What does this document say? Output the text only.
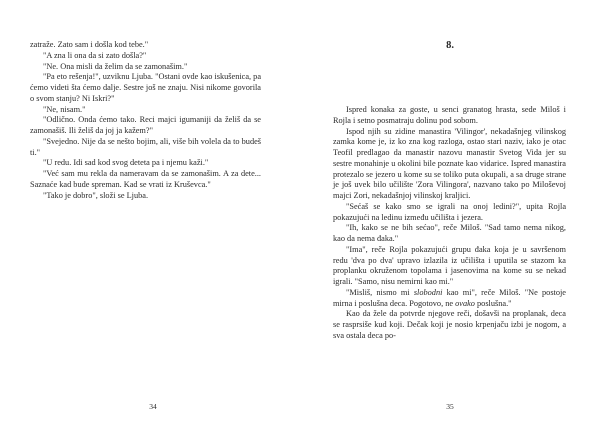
zatraže. Zato sam i došla kod tebe."

"A zna li ona da si zato došla?"

"Ne. Ona misli da želim da se zamonašim."

"Pa eto rešenja!", uzviknu Ljuba. "Ostani ovde kao iskušenica, pa ćemo videti šta ćemo dalje. Sestre još ne znaju. Nisi nikome govorila o svom stanju? Ni Iskri?"

"Ne, nisam."

"Odlično. Onda ćemo tako. Reci majci igumaniji da želiš da se zamonašiš. Ili želiš da joj ja kažem?"

"Svejedno. Nije da se nešto bojim, ali, više bih volela da to budeš ti."

"U redu. Idi sad kod svog deteta pa i njemu kaži."

"Već sam mu rekla da nameravam da se zamonašim. A za dete... Saznaće kad bude spreman. Kad se vrati iz Kruševca."

"Tako je dobro", složi se Ljuba.

34
8.

Ispred konaka za goste, u senci granatog hrasta, sede Miloš i Rojla i setno posmatraju dolinu pod sobom.

Ispod njih su zidine manastira 'Vilingor', nekadašnjeg vilinskog zamka kome je, iz ko zna kog razloga, ostao stari naziv, iako je otac Teofil predlagao da manastir nazovu manastir Svetog Vida jer su sestre monahinje u okolini bile poznate kao vidarice. Ispred manastira protezalo se jezero u kome su se toliko puta okupali, a sa druge strane je još uvek bilo učilište 'Zora Vilingora', nazvano tako po Miloševoj majci Zori, nekadašnjoj vilinskoj kraljici.

"Sećaš se kako smo se igrali na onoj ledini?", upita Rojla pokazujući na ledinu između učilišta i jezera.

"Ih, kako se ne bih sećao", reče Miloš. "Sad tamo nema nikog, kao da nema đaka."

"Ima", reče Rojla pokazujući grupu đaka koja je u savršenom redu 'dva po dva' upravo izlazila iz učilišta i uputila se stazom ka proplanku okruženom topolama i jasenovima na kome su se nekad igrali. "Samo, nisu nemirni kao mi."

"Misliš, nismo mi slobodni kao mi", reče Miloš. "Ne postoje mirna i poslušna deca. Pogotovo, ne ovako poslušna."

Kao da žele da potvrde njegove reči, došavši na proplanak, deca se rasprsiše kud koji. Dečak koji je nosio krpenjaču izbi je nogom, a sva ostala deca po-

35
